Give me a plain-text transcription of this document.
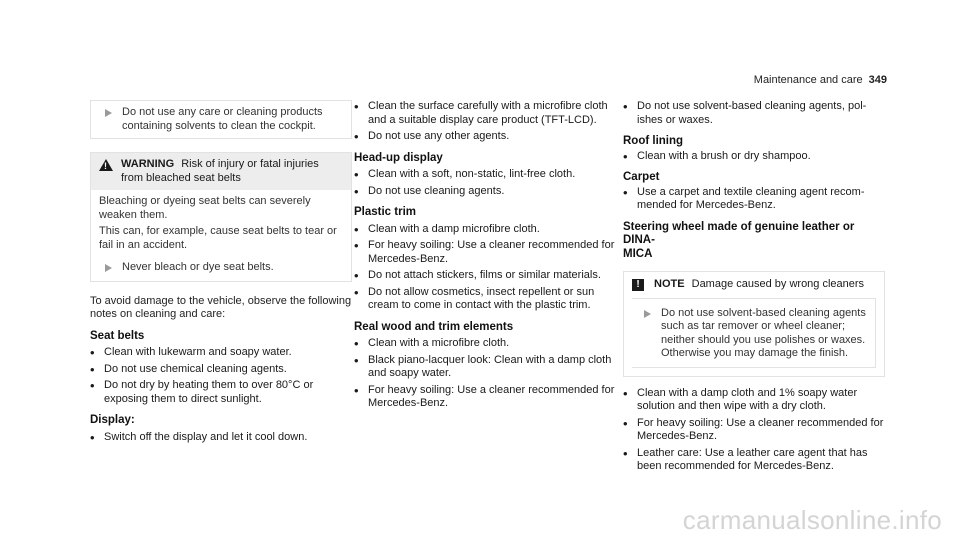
Maintenance and care 349
Do not use any care or cleaning products containing solvents to clean the cockpit.
! WARNING Risk of injury or fatal injuries from bleached seat belts

Bleaching or dyeing seat belts can severely weaken them.

This can, for example, cause seat belts to tear or fail in an accident.

Never bleach or dye seat belts.

To avoid damage to the vehicle, observe the following notes on cleaning and care:

Seat belts
• Clean with lukewarm and soapy water.
• Do not use chemical cleaning agents.
• Do not dry by heating them to over 80°C or exposing them to direct sunlight.
Display:
• Switch off the display and let it cool down.
• Clean the surface carefully with a microfibre cloth and a suitable display care product (TFT-LCD).
• Do not use any other agents.
Head-up display
• Clean with a soft, non-static, lint-free cloth.
• Do not use cleaning agents.
Plastic trim
• Clean with a damp microfibre cloth.
• For heavy soiling: Use a cleaner recommended for Mercedes-Benz.
• Do not attach stickers, films or similar materials.
• Do not allow cosmetics, insect repellent or sun cream to come in contact with the plastic trim.
Real wood and trim elements
• Clean with a microfibre cloth.
• Black piano-lacquer look: Clean with a damp cloth and soapy water.
• For heavy soiling: Use a cleaner recommended for Mercedes-Benz.
• Do not use solvent-based cleaning agents, polishes or waxes.
Roof lining
• Clean with a brush or dry shampoo.
Carpet
• Use a carpet and textile cleaning agent recommended for Mercedes-Benz.
Steering wheel made of genuine leather or DINA-
MICA
!	NOTE Damage caused by wrong cleaners
Do not use solvent-based cleaning agents such as tar remover or wheel cleaner; neither should you use polishes or waxes. Otherwise you may damage the finish.
• Clean with a damp cloth and 1% soapy water solution and then wipe with a dry cloth.
• For heavy soiling: Use a cleaner recommended for Mercedes-Benz.
• Leather care: Use a leather care agent that has been recommended for Mercedes-Benz.
carmanualsonline.info
